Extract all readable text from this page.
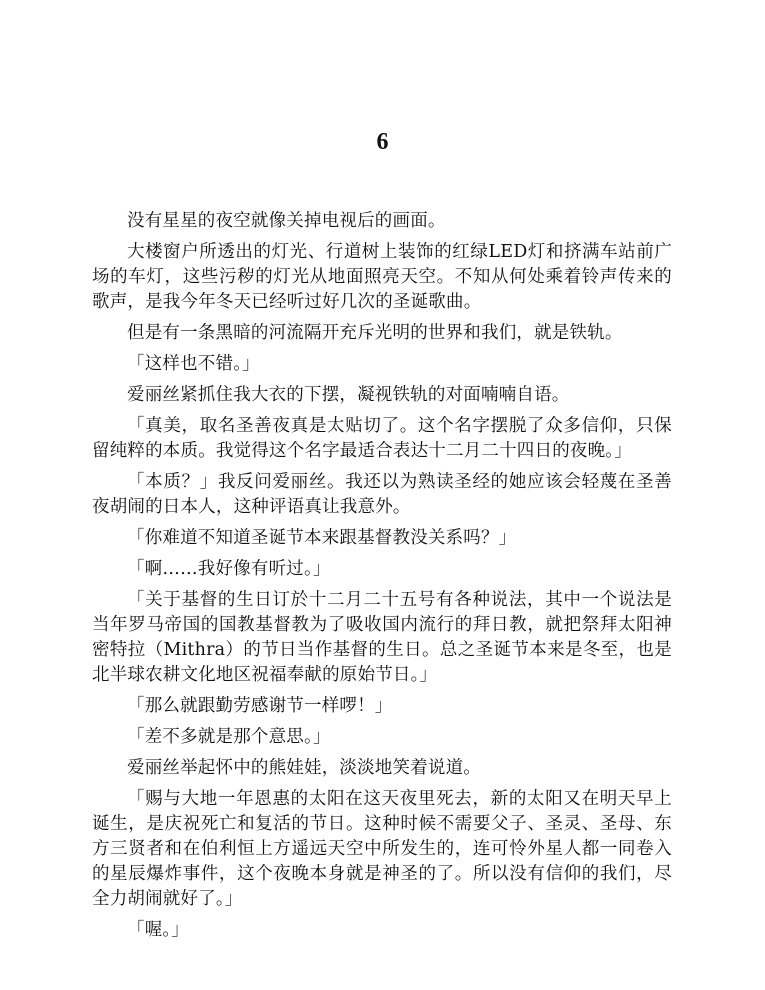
6

没有星星的夜空就像关掉电视后的画面。

大楼窗户所透出的灯光、行道树上装饰的红绿LED灯和挤满车站前广场的车灯，这些污秽的灯光从地面照亮天空。不知从何处乘着铃声传来的歌声，是我今年冬天已经听过好几次的圣诞歌曲。

但是有一条黑暗的河流隔开充斥光明的世界和我们，就是铁轨。

「这样也不错。」

爱丽丝紧抓住我大衣的下摆，凝视铁轨的对面喃喃自语。

「真美，取名圣善夜真是太贴切了。这个名字摆脱了众多信仰，只保留纯粹的本质。我觉得这个名字最适合表达十二月二十四日的夜晚。」

「本质？」我反问爱丽丝。我还以为熟读圣经的她应该会轻蔑在圣善夜胡闹的日本人，这种评语真让我意外。

「你难道不知道圣诞节本来跟基督教没关系吗？」

「啊……我好像有听过。」

「关于基督的生日订於十二月二十五号有各种说法，其中一个说法是当年罗马帝国的国教基督教为了吸收国内流行的拜日教，就把祭拜太阳神密特拉（Mithra）的节日当作基督的生日。总之圣诞节本来是冬至，也是北半球农耕文化地区祝福奉献的原始节日。」

「那么就跟勤劳感谢节一样啰！」

「差不多就是那个意思。」

爱丽丝举起怀中的熊娃娃，淡淡地笑着说道。

「赐与大地一年恩惠的太阳在这天夜里死去，新的太阳又在明天早上诞生，是庆祝死亡和复活的节日。这种时候不需要父子、圣灵、圣母、东方三贤者和在伯利恒上方遥远天空中所发生的，连可怜外星人都一同卷入的星辰爆炸事件，这个夜晚本身就是神圣的了。所以没有信仰的我们，尽全力胡闹就好了。」

「喔。」
